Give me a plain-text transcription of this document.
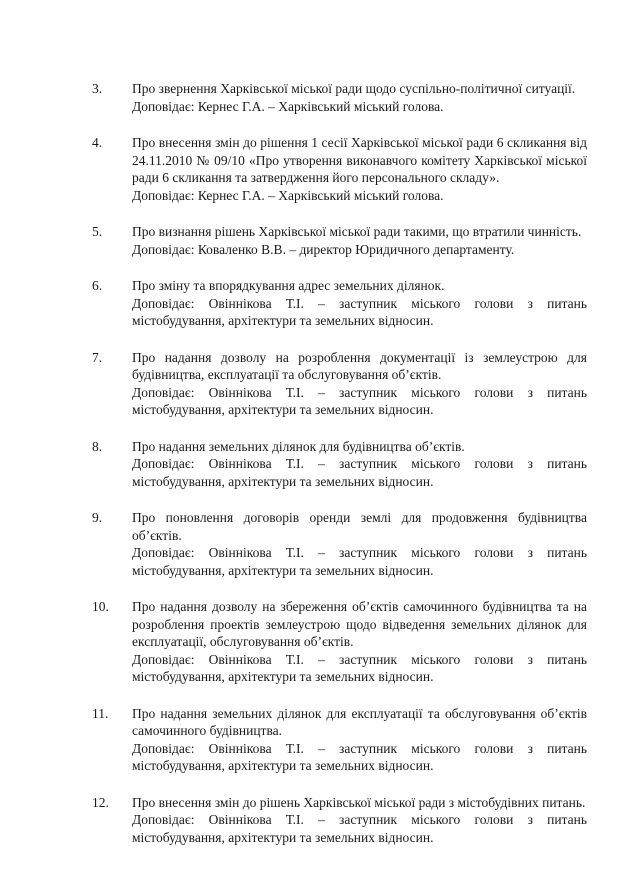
3.	Про звернення Харківської міської ради щодо суспільно-політичної ситуації.
Доповідає: Кернес Г.А. – Харківський міський голова.
4.	Про внесення змін до рішення 1 сесії Харківської міської ради 6 скликання від 24.11.2010 № 09/10 «Про утворення виконавчого комітету Харківської міської ради 6 скликання та затвердження його персонального складу».
Доповідає: Кернес Г.А. – Харківський міський голова.
5.	Про визнання рішень Харківської міської ради такими, що втратили чинність.
Доповідає: Коваленко В.В. – директор Юридичного департаменту.
6.	Про зміну та впорядкування адрес земельних ділянок.
Доповідає: Овіннікова Т.І. – заступник міського голови з питань містобудування, архітектури та земельних відносин.
7.	Про надання дозволу на розроблення документації із землеустрою для будівництва, експлуатації та обслуговування об’єктів.
Доповідає: Овіннікова Т.І. – заступник міського голови з питань містобудування, архітектури та земельних відносин.
8.	Про надання земельних ділянок для будівництва об’єктів.
Доповідає: Овіннікова Т.І. – заступник міського голови з питань містобудування, архітектури та земельних відносин.
9.	Про поновлення договорів оренди землі для продовження будівництва об’єктів.
Доповідає: Овіннікова Т.І. – заступник міського голови з питань містобудування, архітектури та земельних відносин.
10.	Про надання дозволу на збереження об’єктів самочинного будівництва та на розроблення проектів землеустрою щодо відведення земельних ділянок для експлуатації, обслуговування об’єктів.
Доповідає: Овіннікова Т.І. – заступник міського голови з питань містобудування, архітектури та земельних відносин.
11.	Про надання земельних ділянок для експлуатації та обслуговування об’єктів самочинного будівництва.
Доповідає: Овіннікова Т.І. – заступник міського голови з питань містобудування, архітектури та земельних відносин.
12.	Про внесення змін до рішень Харківської міської ради з містобудівних питань.
Доповідає: Овіннікова Т.І. – заступник міського голови з питань містобудування, архітектури та земельних відносин.
